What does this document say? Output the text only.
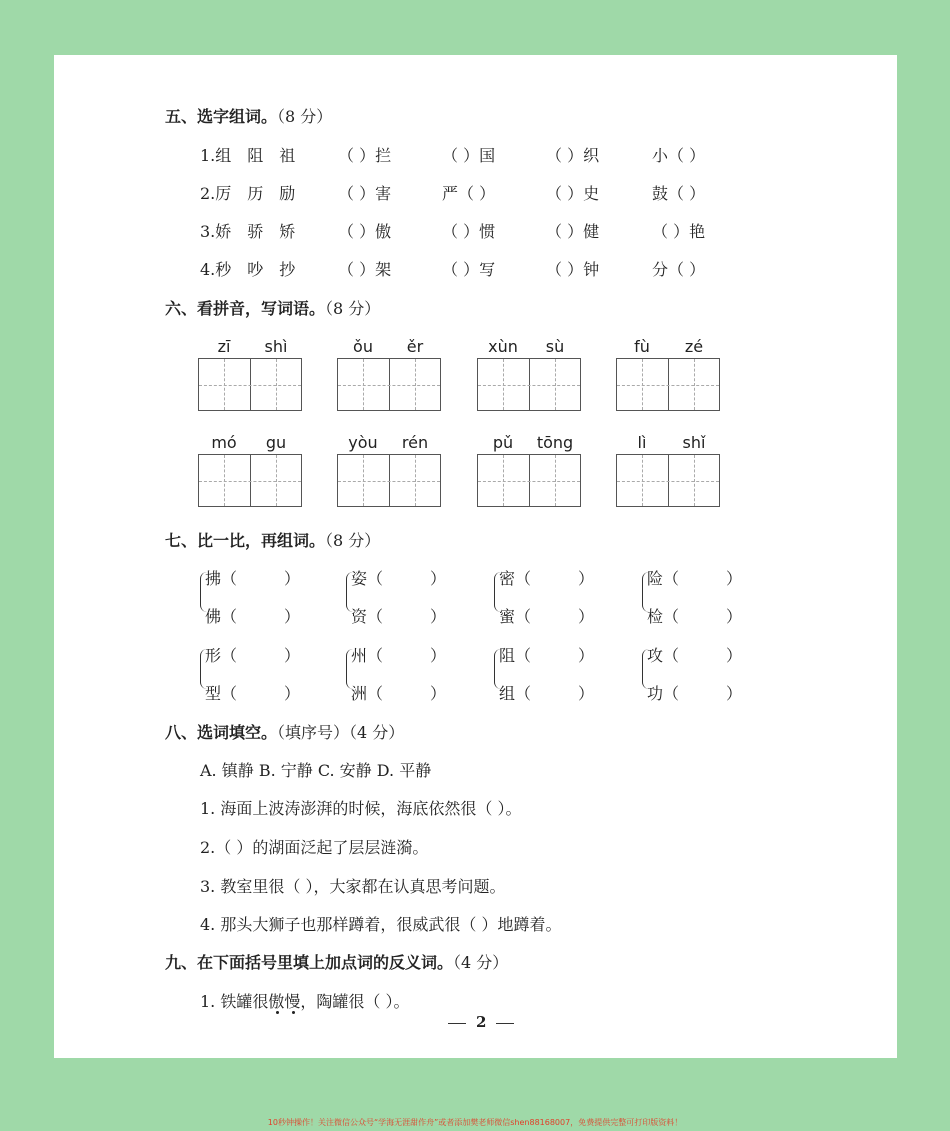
五、选字组词。（8 分）
1.组 阻 祖	（ ）拦	（ ）国	（ ）织	小（ ）
2.厉 历 励	（ ）害	严（ ）	（ ）史	鼓（ ）
3.娇 骄 矫	（ ）傲	（ ）惯	（ ）健	（ ）艳
4.秒 吵 抄	（ ）架	（ ）写	（ ）钟	分（ ）
六、看拼音，写词语。（8 分）
zī	shì	ǒu	ěr	xùn	sù	fù	zé
mó	gu	yòu	rén	pǔ	tōng	lì	shǐ
七、比一比，再组词。（8 分）
拂（	）
佛（	）
姿（	）
资（	）
密（	）
蜜（	）
险（	）
检（	）
形（	）
型（	）
州（	）
洲（	）
阻（	）
组（	）
攻（	）
功（	）
八、选词填空。（填序号）（4 分）
A. 镇静 B. 宁静 C. 安静 D. 平静
1. 海面上波涛澎湃的时候，海底依然很（ ）。
2.（ ）的湖面泛起了层层涟漪。
3. 教室里很（ ），大家都在认真思考问题。
4. 那头大狮子也那样蹲着，很威武很（ ）地蹲着。
九、在下面括号里填上加点词的反义词。（4 分）
1. 铁罐很傲慢，陶罐很（ ）。
2
10秒钟操作！关注微信公众号“学海无涯甜作舟”或者添加樊老师微信shen88168007，免费提供完整可打印版资料！
